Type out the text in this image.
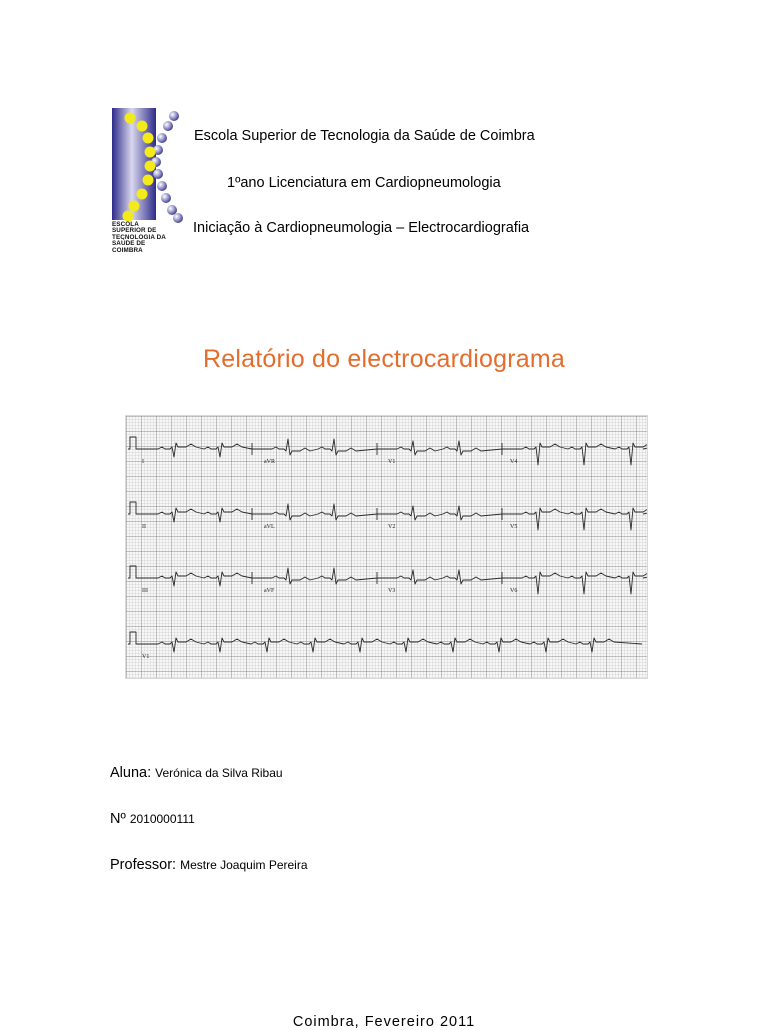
ESCOLA
SUPERIOR DE
TECNOLOGIA DA
SAÚDE DE
COIMBRA
Escola Superior de Tecnologia da Saúde de Coimbra
1ºano Licenciatura em Cardiopneumologia
Iniciação à Cardiopneumologia – Electrocardiografia
Relatório do electrocardiograma
I	aVR	V1	V4
II	aVL	V2	V5
III	aVF	V3	V6
V1
Aluna: Verónica da Silva Ribau
Nº 2010000111
Professor: Mestre Joaquim Pereira
Coimbra, Fevereiro 2011
